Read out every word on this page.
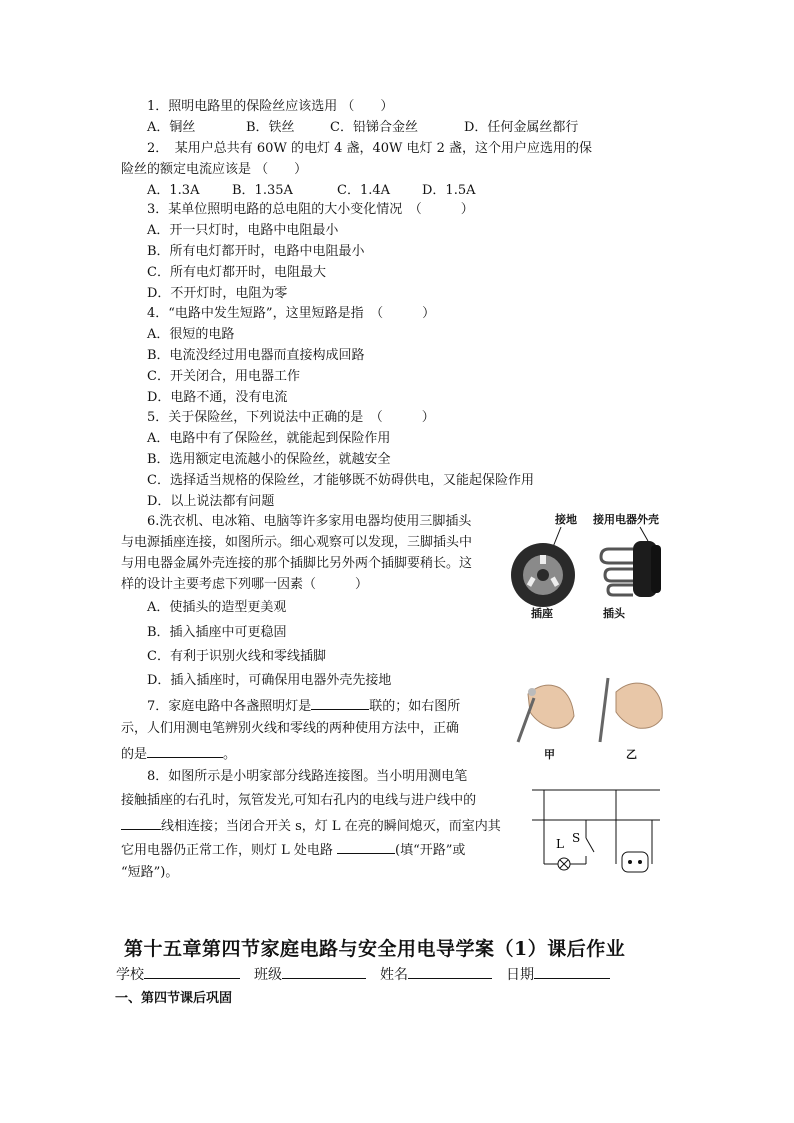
1．照明电路里的保险丝应该选用 （　　）

A．铜丝	B．铁丝	C．铅锑合金丝	D．任何金属丝都行

2．　某用户总共有 60W 的电灯 4 盏，40W 电灯 2 盏，这个用户应选用的保

险丝的额定电流应该是 （　　）

A．1.3A	B．1.35A	C．1.4A D．1.5A

3．某单位照明电路的总电阻的大小变化情况　（　　　）

A．开一只灯时，电路中电阻最小

B．所有电灯都开时，电路中电阻最小

C．所有电灯都开时，电阻最大

D．不开灯时，电阻为零

4．“电路中发生短路”，这里短路是指　（　　　）

A．很短的电路

B．电流没经过用电器而直接构成回路

C．开关闭合，用电器工作

D．电路不通，没有电流

5．关于保险丝，下列说法中正确的是　（　　　）

A．电路中有了保险丝，就能起到保险作用

B．选用额定电流越小的保险丝，就越安全

C．选择适当规格的保险丝，才能够既不妨碍供电，又能起保险作用

D．以上说法都有问题

6.洗衣机、电冰箱、电脑等许多家用电器均使用三脚插头

与电源插座连接，如图所示。细心观察可以发现，三脚插头中

与用电器金属外壳连接的那个插脚比另外两个插脚要稍长。这

样的设计主要考虑下列哪一因素（　　　）

A．使插头的造型更美观

B．插入插座中可更稳固

C．有利于识别火线和零线插脚

D．插入插座时，可确保用电器外壳先接地

接地 接用电器外壳
插座	插头

7．家庭电路中各盏照明灯是	联的；如右图所

示，人们用测电笔辨别火线和零线的两种使用方法中，正确

的是	。	甲	乙

8．如图所示是小明家部分线路连接图。当小明用测电笔

接触插座的右孔时，氖管发光,可知右孔内的电线与进户线中的

线相连接；当闭合开关 s，灯 L 在亮的瞬间熄灭，而室内其

它用电器仍正常工作，则灯 L 处电路	(填“开路”或

“短路”)。

L S
第十五章第四节家庭电路与安全用电导学案（1）课后作业

学校	班级	姓名	日期

一、第四节课后巩固
